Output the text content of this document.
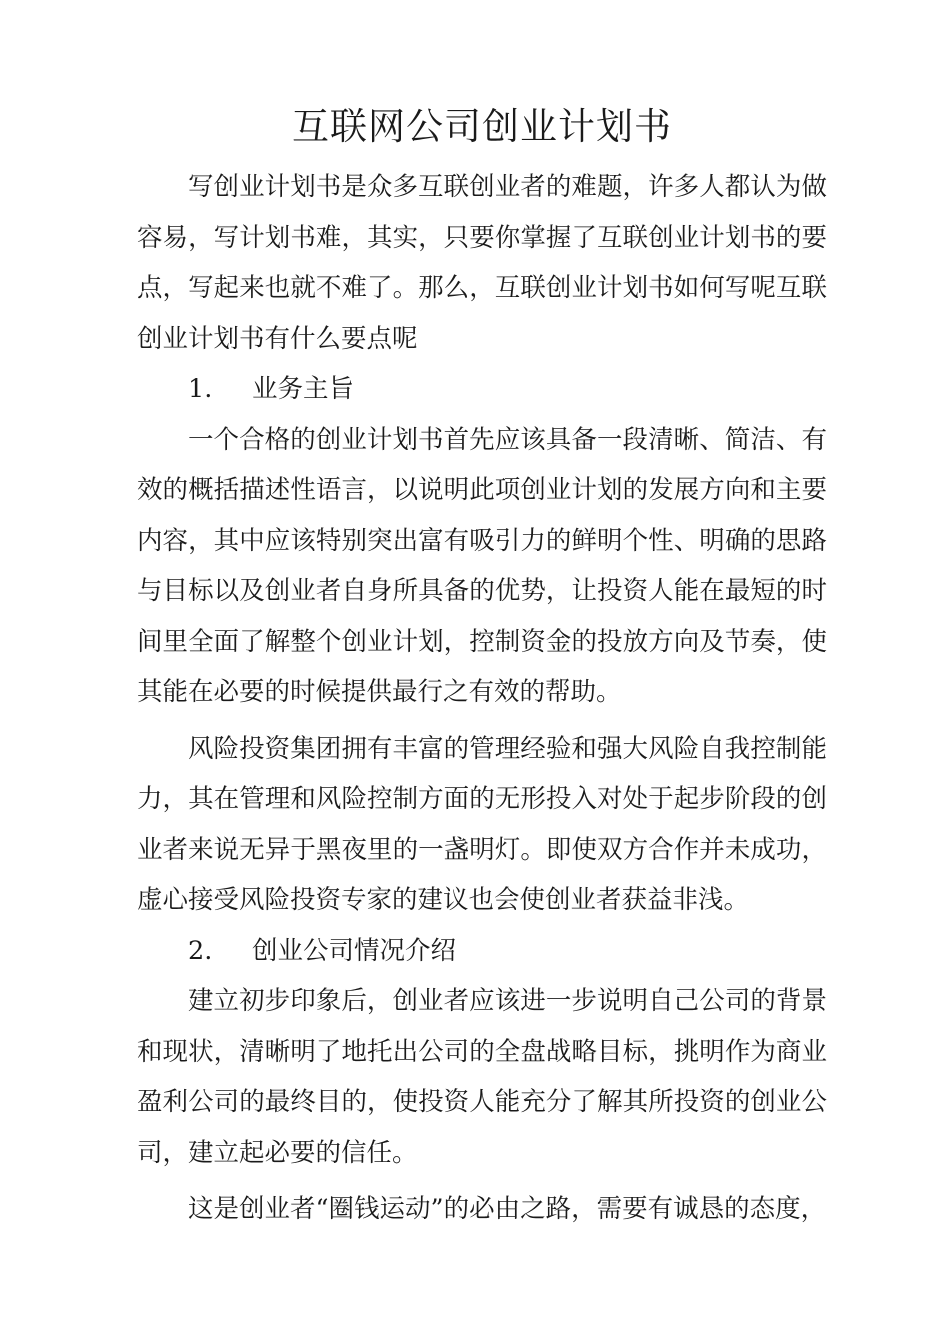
互联网公司创业计划书

写创业计划书是众多互联创业者的难题，许多人都认为做容易，写计划书难，其实，只要你掌握了互联创业计划书的要点，写起来也就不难了。那么，互联创业计划书如何写呢互联创业计划书有什么要点呢

1. 业务主旨

一个合格的创业计划书首先应该具备一段清晰、简洁、有效的概括描述性语言，以说明此项创业计划的发展方向和主要内容，其中应该特别突出富有吸引力的鲜明个性、明确的思路与目标以及创业者自身所具备的优势，让投资人能在最短的时间里全面了解整个创业计划，控制资金的投放方向及节奏，使其能在必要的时候提供最行之有效的帮助。

风险投资集团拥有丰富的管理经验和强大风险自我控制能力，其在管理和风险控制方面的无形投入对处于起步阶段的创业者来说无异于黑夜里的一盏明灯。即使双方合作并未成功，虚心接受风险投资专家的建议也会使创业者获益非浅。

2. 创业公司情况介绍

建立初步印象后，创业者应该进一步说明自己公司的背景和现状，清晰明了地托出公司的全盘战略目标，挑明作为商业盈利公司的最终目的，使投资人能充分了解其所投资的创业公司，建立起必要的信任。

这是创业者“圈钱运动”的必由之路，需要有诚恳的态度，
